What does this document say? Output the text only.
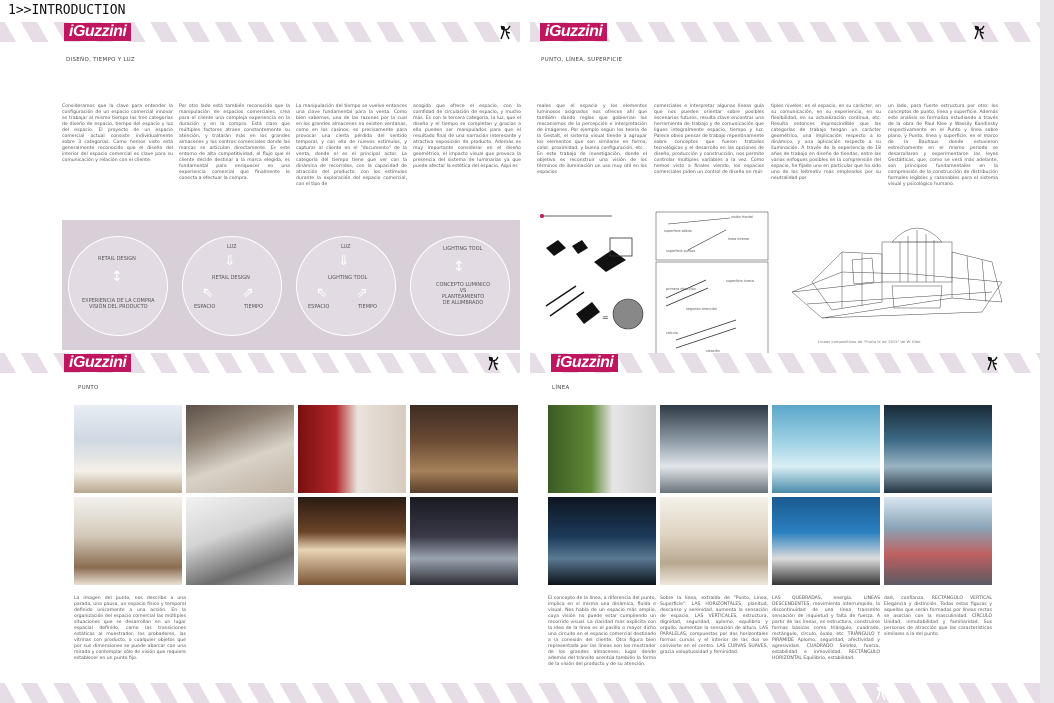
1>>INTRODUCTION
iGuzzini
DISEÑO, TIEMPO Y LUZ
Consideramos que la clave para entender la configuración de un espacio comercial innovar es trabajar al mismo tiempo las tres categorías de diseño de espacio, tiempo del espacio y luz del espacio. El proyecto de un espacio comercial actual consiste individualmente sobre 3 categorías. Como hemos visto está generalmente reconocido que el diseño del interior del espacio comercial es clave para su comunicación y relación con el cliente.
Por otro lado está también reconocido que la manipulación de espacios comerciales, crea para el cliente una compleja experiencia en la duración y en la compra. Está claro que múltiples factores atraen constantemente su atención, y tratarán más en los grandes almacenes y los centros comerciales donde las marcas se articulan directamente. Es este entorno de alta competitividad, el flujo que el cliente decide destinar a la marca elegida, es fundamental para enriquecer en una experiencia comercial que finalmente le conecta a efectuar la compra.
La manipulación del tiempo se vuelve entonces una clave fundamental para la venta. Como bien sabemos, una de las razones por la cual en los grandes almacenes no existen ventanas, como en los casinos, es precisamente para provocar una cierta pérdida del sentido temporal, y con ello de nuevos estímulos, y capturar al cliente en el "documento" de la venta, donde el es el principal actor. La categoría del tiempo tiene que ver con la dinámica de recorridos, con la capacidad de atracción del producto, con los estímulos durante la exploración del espacio comercial, con el tipo de
acogida que ofrece el espacio, con la comfidad de circulación de espacio, y mucho más. Es con la tercera categoría, la luz, que el diseño y el tiempo se completan y gracias a ella pueden ser manipulados para que el resultado final de una narración interesante y atractiva exposición de producto. Además es muy importante considerar en el diseño geométrico, el impacto visual que provoca la presencia del sistema de luminarias ya que puede afectar la estética del espacio. Aquí es
RETAIL DESIGN
↕
EXPERIENCIA DE LA COMPRA
VISIÓN DEL PRODUCTO
LUZ
⇓
RETAIL DESIGN
⇖ ⇗
ESPACIO	TIEMPO
LUZ
⇓
LIGHTING TOOL
⇖ ⇗
ESPACIO	TIEMPO
LIGHTING TOOL
↕
CONCEPTO LUMINICO
VS
PLANTEAMIENTO
DE ALUMBRADO
iGuzzini
PUNTO, LÍNEA, SUPERFICIE
reales que el espacio y los elementos luminosos asignados nos ofrecen ahí que también dando reglas que gobiernan los mecanismos de la percepción e interpretación de imágenes. Por ejemplo según los teoría de la Gestalt, el sistema visual tiende a agrupar los elementos que son similares en forma, color, proximidad, y buena configuración, etc... En este trabajo de investigación, donde el objetivo es reconstruir una visión de los términos de iluminación un uso muy útil en los espacios
comerciales e interpretar algunas líneas guía que nos pueden orientar sobre posibles escenarios futuros, resulta clave encontrar una herramienta de trabajo y de comunicación que ligues integralmente espacio, tiempo y luz. Parece obvio pensar de trabajo repentinamente sobre conceptos que fueron tratados tecnológicos y el desarrollo en las opciones de diseño, producción y construcción, nos permite controlar múltiples variables a la vez. Como hemos visto a finales viendo, los espacios comerciales piden un control de diseño en múl-
tiples niveles: en el espacio, en su carácter, en su comunicación, en su experiencia, en su flexibilidad, en su actualización continua, etc. Resulta entonces imprescindible que las categorías de trabajo tengan un carácter geométrico, una implicación respecto a lo dinámico, y una aplicación respecto a su iluminación. A través de la experiencia de 18 años de trabajo en diseño de tiendas, entre las varias enfoques posibles en la comprensión del espacio, he fijado uno en particular que ha sido uno de los leitmotiv más empleados por su neutralidad por
un lado, para fuerte estructura por otro: los conceptos de punto, línea y superficie. Además este análisis se formaliza estudiando a través de la obra de Paul Klee y Wassily Kandinsky respectivamente en el Punto y línea sobre plano, y Punto, línea y superficie, en el marco de la Bauhaus donde estuvieron estrechamente en el mismo período se desarrollaron y experimentaron las leyes Gestálticas, que, como se verá más adelante, son principios fundamentales en la comprensión de la construcción de distribución formales legibles y razonables para el sistema visual y psicológico humano.
=
visión frontal
superficie sólida
superficie puntos
línea interior
primera dirección
segunda dirección
superficie hueca
cálculo
rotación
Líneas compositivas de "Punta le de 1915" de W. Klee
iGuzzini
PUNTO
La imagen del punto, nos describe a una parada, una pausa, un espacio físico y temporal definido únicamente a una acción. En la organización del espacio comercial las múltiples situaciones que se desarrollan en un lugar espacial definido, como las transiciones estáticas al muestrador, los probadores, las vitrinas con producto, o cualquier objetos que por sus dimensiones se puede abarcar con una mirada y contemplar sólo de visión que requiere establecer en un punto fijo.
iGuzzini
LÍNEA
El concepto de la línea, a diferencia del punto, implica en sí misma una dinámica, fluida e visual. Nos habla de un espacio más amplio, cuya visión no puede estar cumpliendo un recorrido visual. La claridad más explicita con la idea de la línea es el pasillo o mayor dicho una circuito en el espacio comercial destinado a la conexión del cliente. Otra figura bien representada por las líneas son los mostrador de los grandes almacenes, lugar donde además del tránsito acentúa también la forma de la visión del producto y de su atención.
Sobre la línea, extraído de "Punto, Línea, Superficie": LAS HORIZONTALES, planitud, descanso y serenidad, aumenta la sensación de espacio. LAS VERTICALES, estructura, dignidad, seguridad, aplomo, equilibrio y orgullo, aumentan la sensación de altura. LAS PARALELAS, compuestas por dos horizontales formas curvas y el interior de las dos se convierte en el centro. LAS CURVAS SUAVES, gracia voluptuosidad y feminidad.
LAS QUEBRADAS, energía. LINEAS DESCENDENTES, movimiento interrumpido, la discontinuidad de una línea transmite sensación de inquietud y falta de fuerza. A partir de las líneas, es estructura, construirse formas básicas como triángulo, cuadrado, rectángulo, círculo, óvalo, etc. TRIÁNGULO Y PIRÁMIDE Aplomo, seguridad, afectividad y agresividad. CUADRADO Solidez, fuerza, estabilidad e inmovilidad. RECTÁNGULO HORIZONTAL Equilibrio, estabilidad.
dad, confianza. RECTÁNGULO VERTICAL Elegancia y distinción. Todas estas figuras y aquellas que serán formadas por líneas rectas se asocian con la masculinidad. CÍRCULO Unidad, inmutabilidad y familiaridad. Sus personas de atracción que las características similares a la del punto.
